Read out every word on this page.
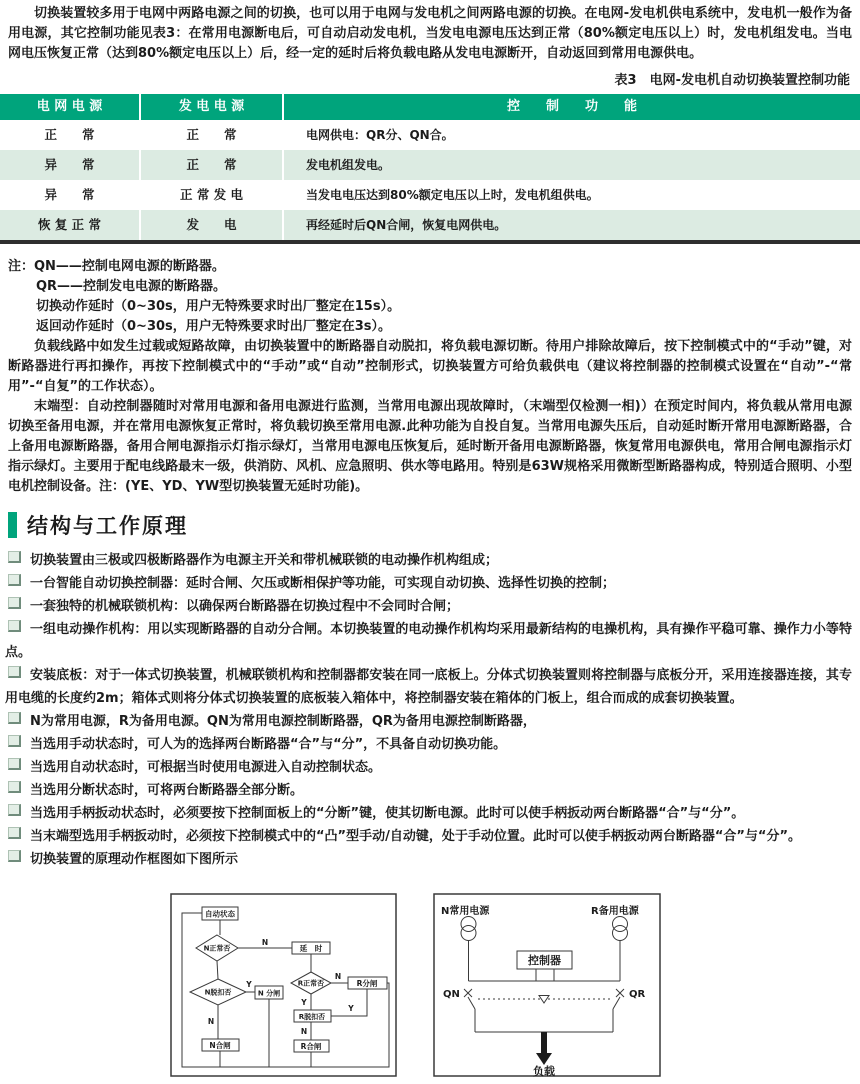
切换装置较多用于电网中两路电源之间的切换，也可以用于电网与发电机之间两路电源的切换。在电网-发电机供电系统中，发电机一般作为备用电源，其它控制功能见表3：在常用电源断电后，可自动启动发电机，当发电电源电压达到正常（80%额定电压以上）时，发电机组发电。当电网电压恢复正常（达到80%额定电压以上）后，经一定的延时后将负载电路从发电电源断开，自动返回到常用电源供电。
表3　电网-发电机自动切换装置控制功能
电 网 电 源	发 电 电 源	控　　制　　功　　能
正　　常	正　　常	电网供电：QR分、QN合。
异　　常	正　　常	发电机组发电。
异　　常	正 常 发 电	当发电电压达到80%额定电压以上时，发电机组供电。
恢 复 正 常	发　　电	再经延时后QN合闸，恢复电网供电。
注：QN——控制电网电源的断路器。
QR——控制发电电源的断路器。
切换动作延时（0~30s，用户无特殊要求时出厂整定在15s）。
返回动作延时（0~30s，用户无特殊要求时出厂整定在3s）。
负载线路中如发生过载或短路故障，由切换装置中的断路器自动脱扣，将负载电源切断。待用户排除故障后，按下控制模式中的“手动”键，对断路器进行再扣操作，再按下控制模式中的“手动”或“自动”控制形式，切换装置方可给负载供电（建议将控制器的控制模式设置在“自动”-“常用”-“自复”的工作状态）。
末端型：自动控制器随时对常用电源和备用电源进行监测，当常用电源出现故障时，（末端型仅检测一相)）在预定时间内，将负载从常用电源切换至备用电源，并在常用电源恢复正常时，将负载切换至常用电源.此种功能为自投自复。当常用电源失压后，自动延时断开常用电源断路器，合上备用电源断路器，备用合闸电源指示灯指示绿灯，当常用电源电压恢复后，延时断开备用电源断路器，恢复常用电源供电，常用合闸电源指示灯指示绿灯。主要用于配电线路最末一级，供消防、风机、应急照明、供水等电路用。特别是63W规格采用微断型断路器构成，特别适合照明、小型电机控制设备。注：(YE、YD、YW型切换装置无延时功能)。
结构与工作原理
切换装置由三极或四极断路器作为电源主开关和带机械联锁的电动操作机构组成；
一台智能自动切换控制器：延时合闸、欠压或断相保护等功能，可实现自动切换、选择性切换的控制；
一套独特的机械联锁机构：以确保两台断路器在切换过程中不会同时合闸；
一组电动操作机构：用以实现断路器的自动分合闸。本切换装置的电动操作机构均采用最新结构的电操机构，具有操作平稳可靠、操作力小等特点。
安装底板：对于一体式切换装置，机械联锁机构和控制器都安装在同一底板上。分体式切换装置则将控制器与底板分开，采用连接器连接，其专用电缆的长度约2m；箱体式则将分体式切换装置的底板装入箱体中，将控制器安装在箱体的门板上，组合而成的成套切换装置。
N为常用电源，R为备用电源。QN为常用电源控制断路器，QR为备用电源控制断路器，
当选用手动状态时，可人为的选择两台断路器“合”与“分”，不具备自动切换功能。
当选用自动状态时，可根据当时使用电源进入自动控制状态。
当选用分断状态时，可将两台断路器全部分断。
当选用手柄扳动状态时，必须要按下控制面板上的“分断”键，使其切断电源。此时可以使手柄扳动两台断路器“合”与“分”。
当末端型选用手柄扳动时，必须按下控制模式中的“凸”型手动/自动键，处于手动位置。此时可以使手柄扳动两台断路器“合”与“分”。
切换装置的原理动作框图如下图所示
自动状态
N正常否
N
延　时
N脱扣否
Y
N 分闸
N
N合闸
R正常否
N
R分闸
Y
R脱扣否
Y
N
R合闸
N常用电源	R备用电源
控制器
QN	QR
负载
